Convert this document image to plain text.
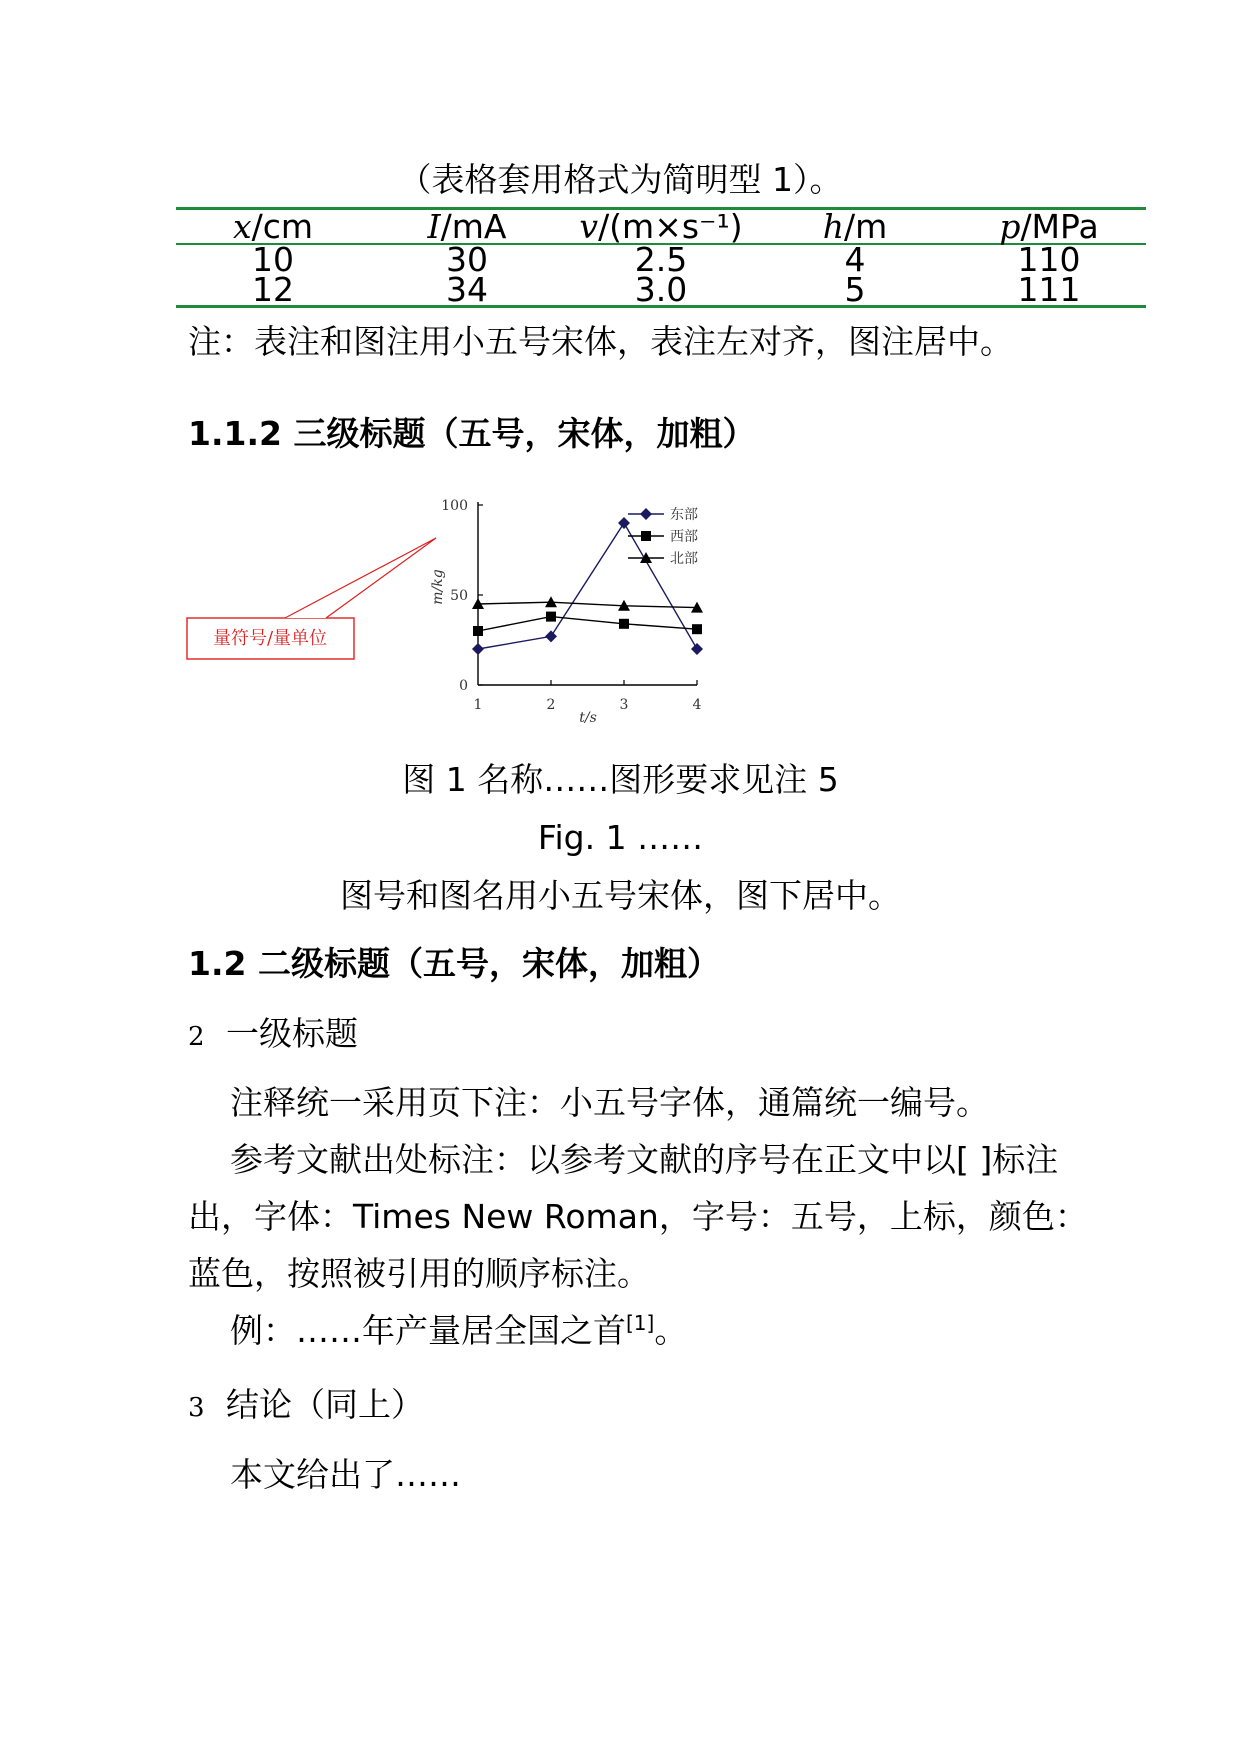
（表格套用格式为简明型 1）。
x/cm	I/mA	v/(m×s⁻¹)	h/m	p/MPa
10	30	2.5	4	110
12	34	3.0	5	111
注：表注和图注用小五号宋体，表注左对齐，图注居中。
1.1.2 三级标题（五号，宋体，加粗）
0
50
100
1	2	3	4
t/s
m/kg
东部
西部
北部
量符号/量单位
图 1 名称……图形要求见注 5
Fig. 1 ……
图号和图名用小五号宋体，图下居中。
1.2 二级标题（五号，宋体，加粗）
2 一级标题
注释统一采用页下注：小五号字体，通篇统一编号。
参考文献出处标注：以参考文献的序号在正文中以[ ]标注
出，字体：Times New Roman，字号：五号，上标，颜色：
蓝色，按照被引用的顺序标注。
例：……年产量居全国之首[1]。
3 结论（同上）
本文给出了……
